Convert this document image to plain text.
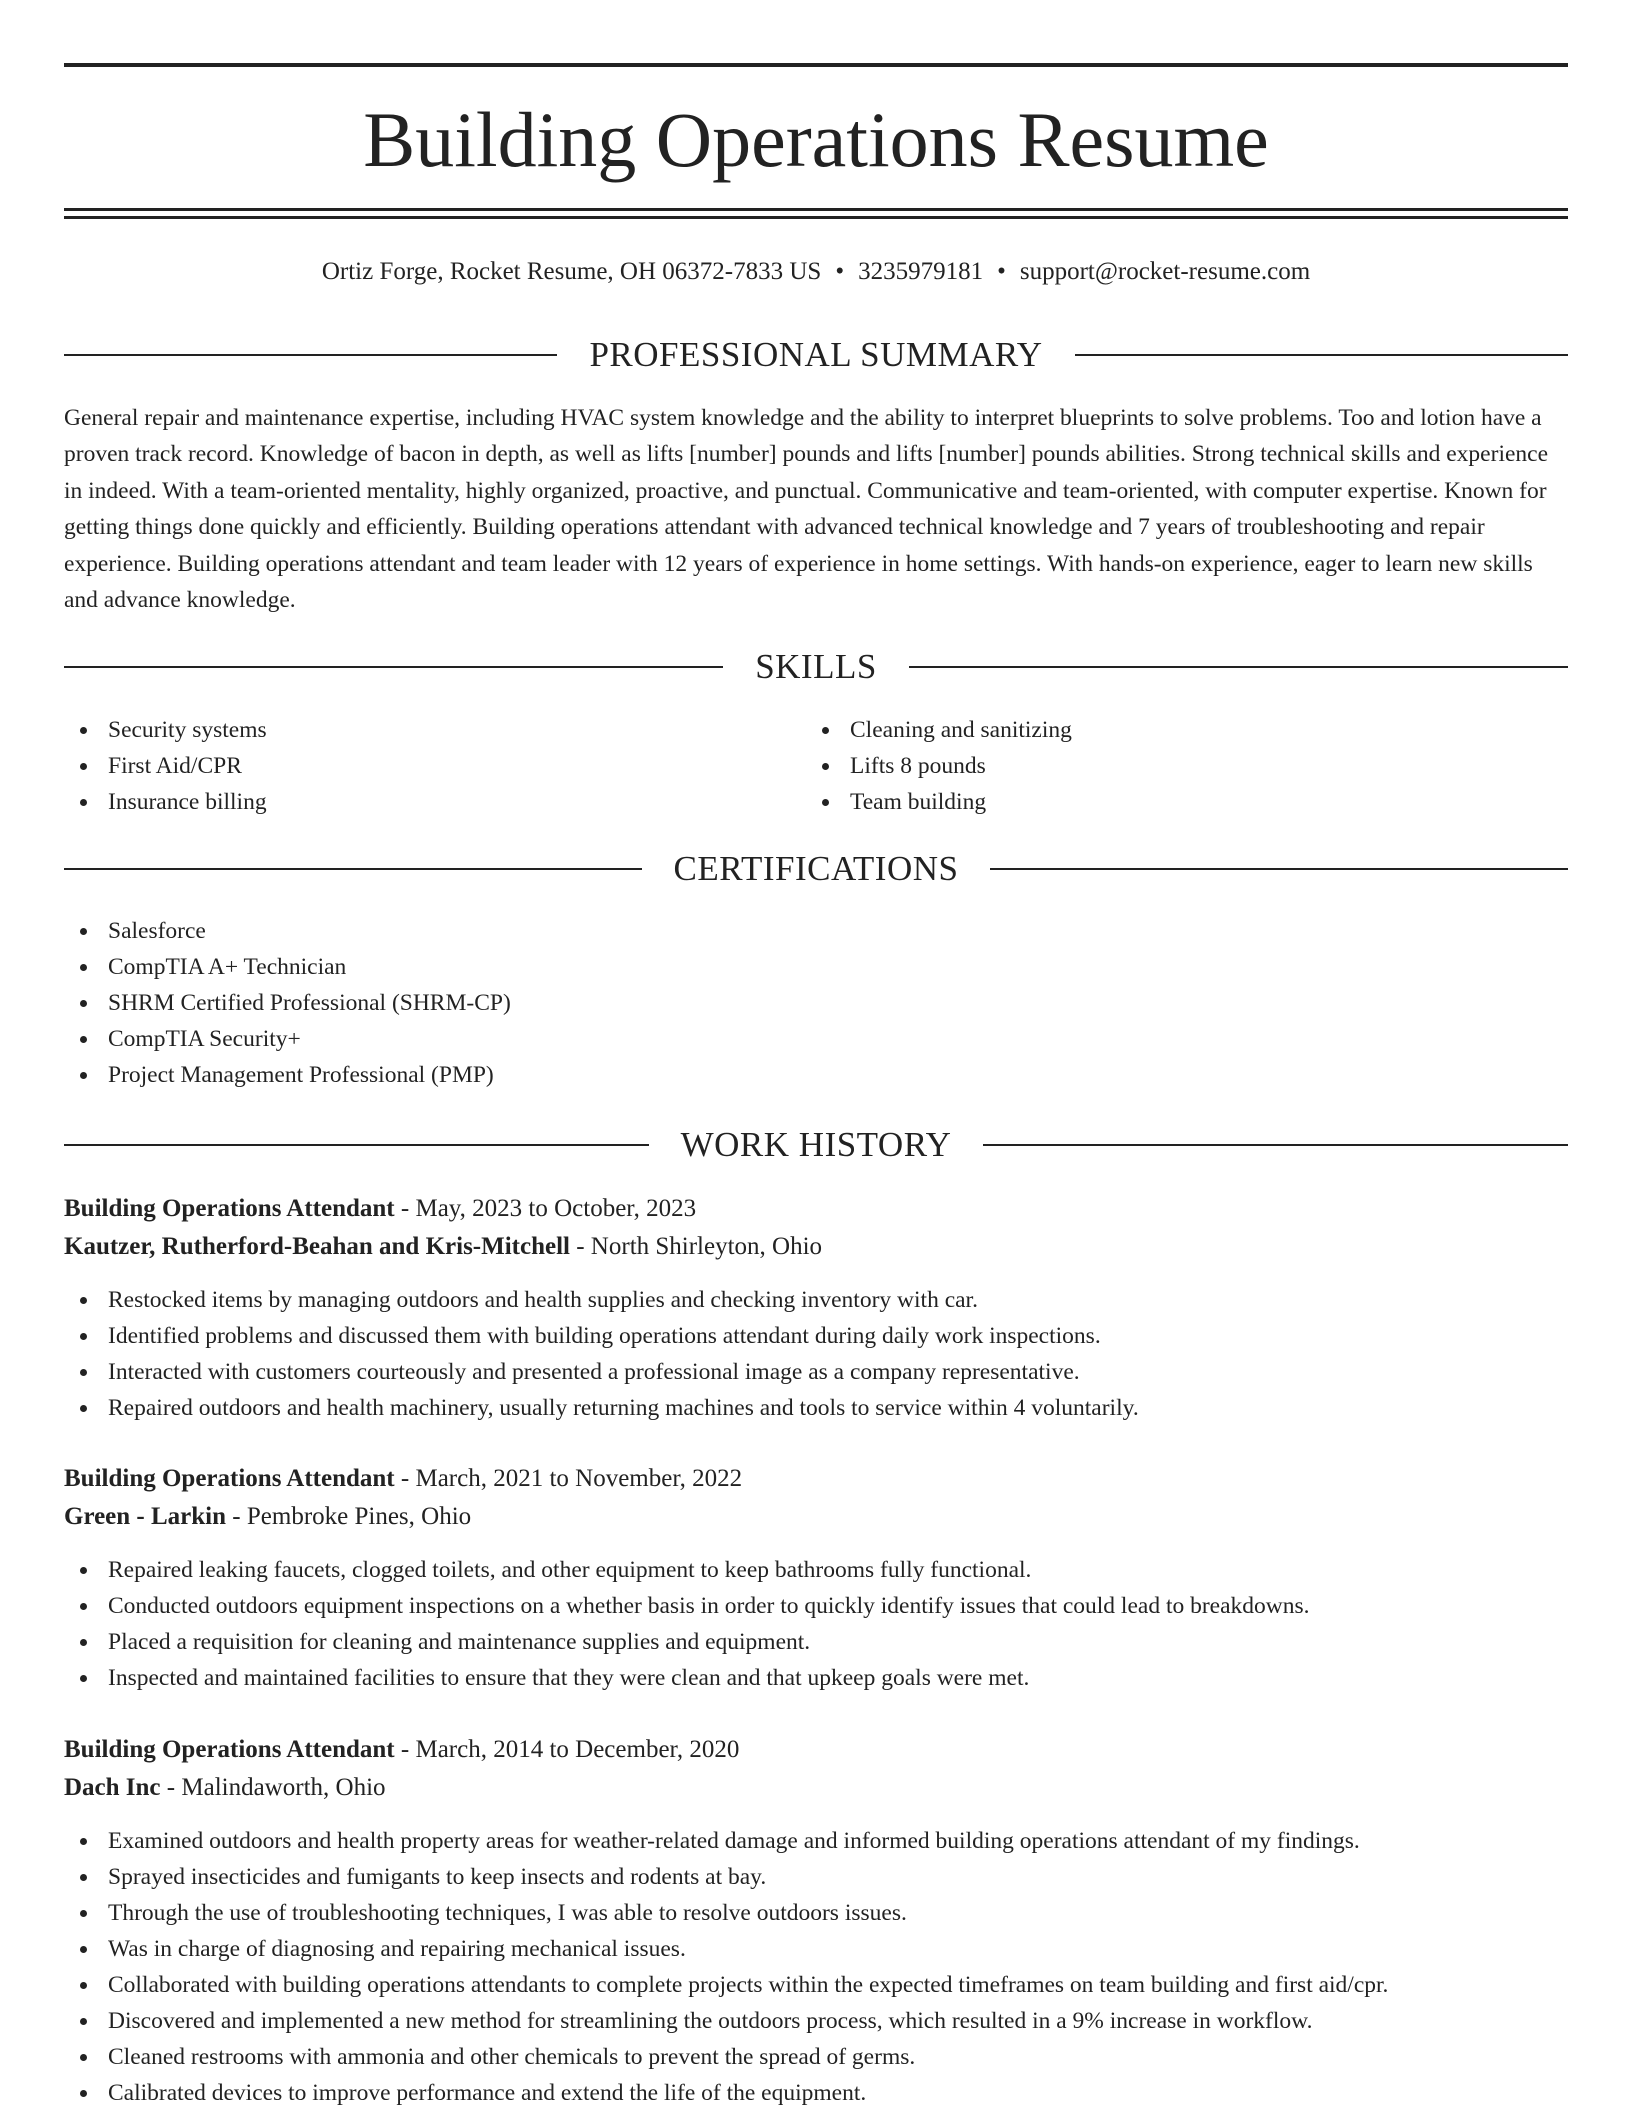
Building Operations Resume
Ortiz Forge, Rocket Resume, OH 06372-7833 US • 3235979181 • support@rocket-resume.com
PROFESSIONAL SUMMARY

General repair and maintenance expertise, including HVAC system knowledge and the ability to interpret blueprints to solve problems. Too and lotion have a proven track record. Knowledge of bacon in depth, as well as lifts [number] pounds and lifts [number] pounds abilities. Strong technical skills and experience in indeed. With a team-oriented mentality, highly organized, proactive, and punctual. Communicative and team-oriented, with computer expertise. Known for getting things done quickly and efficiently. Building operations attendant with advanced technical knowledge and 7 years of troubleshooting and repair experience. Building operations attendant and team leader with 12 years of experience in home settings. With hands-on experience, eager to learn new skills and advance knowledge.

SKILLS
Security systems
First Aid/CPR
Insurance billing
Cleaning and sanitizing
Lifts 8 pounds
Team building
CERTIFICATIONS
Salesforce
CompTIA A+ Technician
SHRM Certified Professional (SHRM-CP)
CompTIA Security+
Project Management Professional (PMP)
WORK HISTORY
Building Operations Attendant - May, 2023 to October, 2023
Kautzer, Rutherford-Beahan and Kris-Mitchell - North Shirleyton, Ohio
Restocked items by managing outdoors and health supplies and checking inventory with car.
Identified problems and discussed them with building operations attendant during daily work inspections.
Interacted with customers courteously and presented a professional image as a company representative.
Repaired outdoors and health machinery, usually returning machines and tools to service within 4 voluntarily.
Building Operations Attendant - March, 2021 to November, 2022
Green - Larkin - Pembroke Pines, Ohio
Repaired leaking faucets, clogged toilets, and other equipment to keep bathrooms fully functional.
Conducted outdoors equipment inspections on a whether basis in order to quickly identify issues that could lead to breakdowns.
Placed a requisition for cleaning and maintenance supplies and equipment.
Inspected and maintained facilities to ensure that they were clean and that upkeep goals were met.
Building Operations Attendant - March, 2014 to December, 2020
Dach Inc - Malindaworth, Ohio
Examined outdoors and health property areas for weather-related damage and informed building operations attendant of my findings.
Sprayed insecticides and fumigants to keep insects and rodents at bay.
Through the use of troubleshooting techniques, I was able to resolve outdoors issues.
Was in charge of diagnosing and repairing mechanical issues.
Collaborated with building operations attendants to complete projects within the expected timeframes on team building and first aid/cpr.
Discovered and implemented a new method for streamlining the outdoors process, which resulted in a 9% increase in workflow.
Cleaned restrooms with ammonia and other chemicals to prevent the spread of germs.
Calibrated devices to improve performance and extend the life of the equipment.
